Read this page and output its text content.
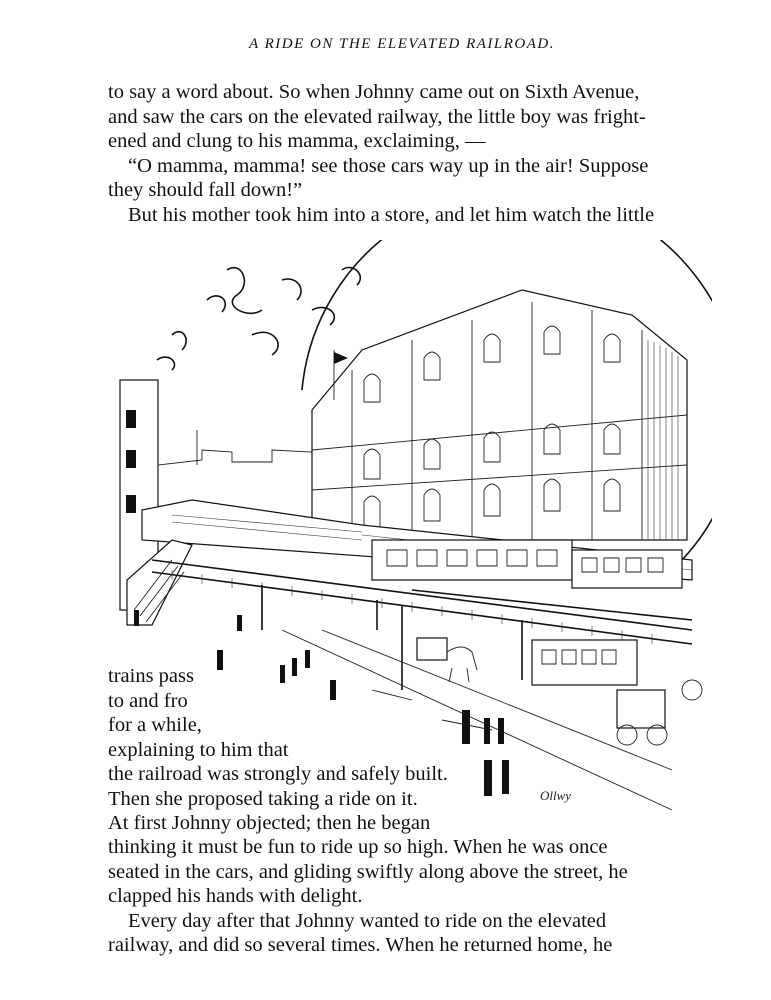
A RIDE ON THE ELEVATED RAILROAD.

to say a word about. So when Johnny came out on Sixth Avenue,
and saw the cars on the elevated railway, the little boy was fright-
ened and clung to his mamma, exclaiming, —
“O mamma, mamma! see those cars way up in the air! Suppose
they should fall down!”
But his mother took him into a store, and let him watch the little

Ollwy

trains pass
to and fro
for a while,
explaining to him that
the railroad was strongly and safely built.
Then she proposed taking a ride on it.
At first Johnny objected; then he began

thinking it must be fun to ride up so high. When he was once
seated in the cars, and gliding swiftly along above the street, he
clapped his hands with delight.
Every day after that Johnny wanted to ride on the elevated
railway, and did so several times. When he returned home, he
